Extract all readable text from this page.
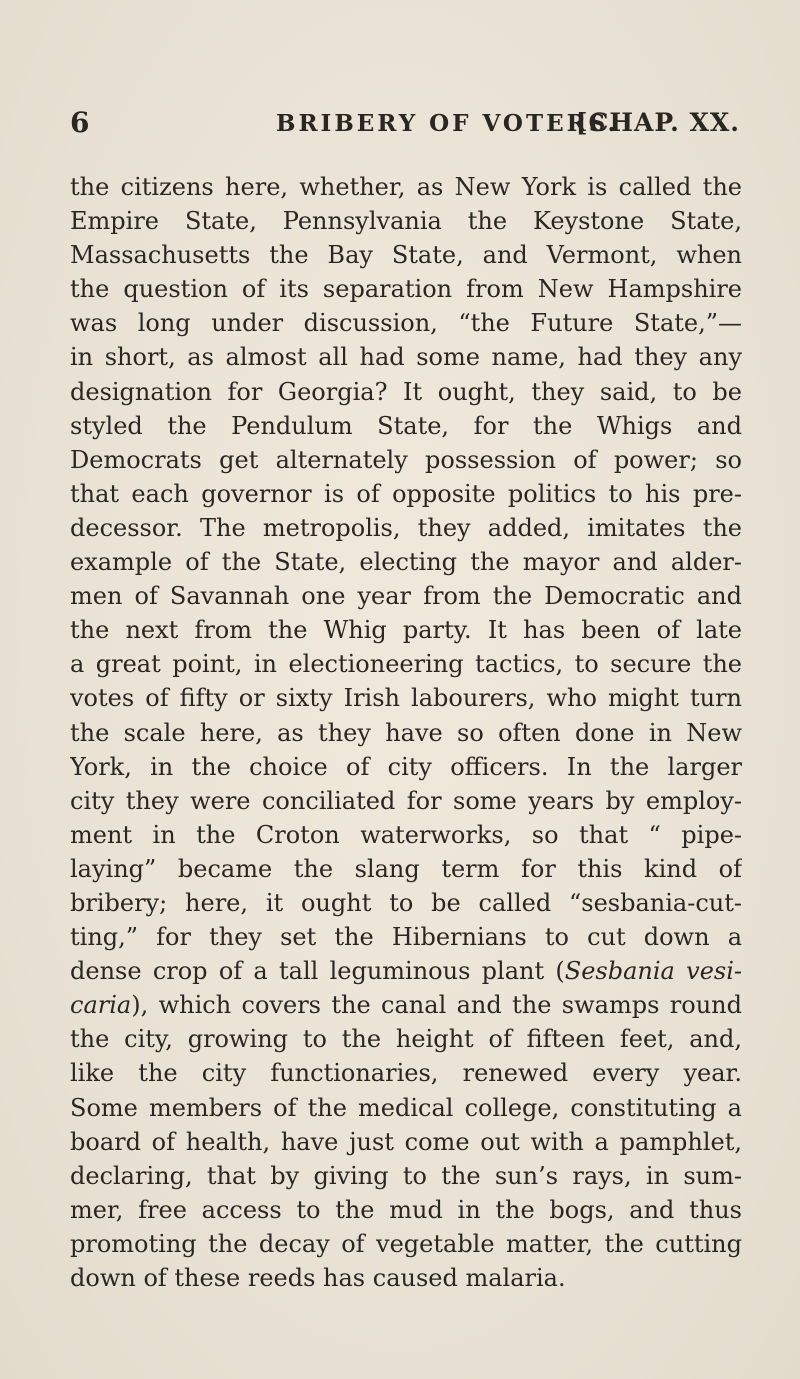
6	BRIBERY OF VOTERS.
[CHAP. XX.
the citizens here, whether, as New York is called the
Empire State, Pennsylvania the Keystone State,
Massachusetts the Bay State, and Vermont, when
the question of its separation from New Hampshire
was long under discussion, “the Future State,”—
in short, as almost all had some name, had they any
designation for Georgia? It ought, they said, to be
styled the Pendulum State, for the Whigs and
Democrats get alternately possession of power; so
that each governor is of opposite politics to his pre-
decessor. The metropolis, they added, imitates the
example of the State, electing the mayor and alder-
men of Savannah one year from the Democratic and
the next from the Whig party. It has been of late
a great point, in electioneering tactics, to secure the
votes of fifty or sixty Irish labourers, who might turn
the scale here, as they have so often done in New
York, in the choice of city officers. In the larger
city they were conciliated for some years by employ-
ment in the Croton waterworks, so that “ pipe-
laying” became the slang term for this kind of
bribery; here, it ought to be called “sesbania-cut-
ting,” for they set the Hibernians to cut down a
dense crop of a tall leguminous plant (Sesbania vesi-
caria), which covers the canal and the swamps round
the city, growing to the height of fifteen feet, and,
like the city functionaries, renewed every year.
Some members of the medical college, constituting a
board of health, have just come out with a pamphlet,
declaring, that by giving to the sun’s rays, in sum-
mer, free access to the mud in the bogs, and thus
promoting the decay of vegetable matter, the cutting
down of these reeds has caused malaria.
